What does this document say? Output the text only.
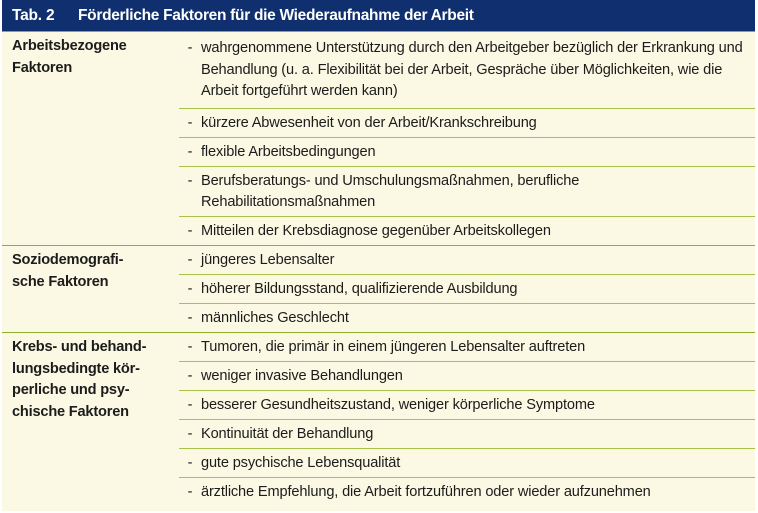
Tab. 2	Förderliche Faktoren für die Wiederaufnahme der Arbeit
Arbeitsbezogene
Faktoren
- wahrgenommene Unterstützung durch den Arbeitgeber bezüglich der Erkrankung und Behandlung (u. a. Flexibilität bei der Arbeit, Gespräche über Möglichkeiten, wie die Arbeit fortgeführt werden kann)
- kürzere Abwesenheit von der Arbeit/Krankschreibung
- flexible Arbeitsbedingungen
- Berufsberatungs- und Umschulungsmaßnahmen, berufliche Rehabilitationsmaßnahmen
- Mitteilen der Krebsdiagnose gegenüber Arbeitskollegen
Soziodemografi-
sche Faktoren
- jüngeres Lebensalter
- höherer Bildungsstand, qualifizierende Ausbildung
- männliches Geschlecht
Krebs- und behand-
lungsbedingte kör-
perliche und psy-
chische Faktoren
- Tumoren, die primär in einem jüngeren Lebensalter auftreten
- weniger invasive Behandlungen
- besserer Gesundheitszustand, weniger körperliche Symptome
- Kontinuität der Behandlung
- gute psychische Lebensqualität
- ärztliche Empfehlung, die Arbeit fortzuführen oder wieder aufzunehmen
